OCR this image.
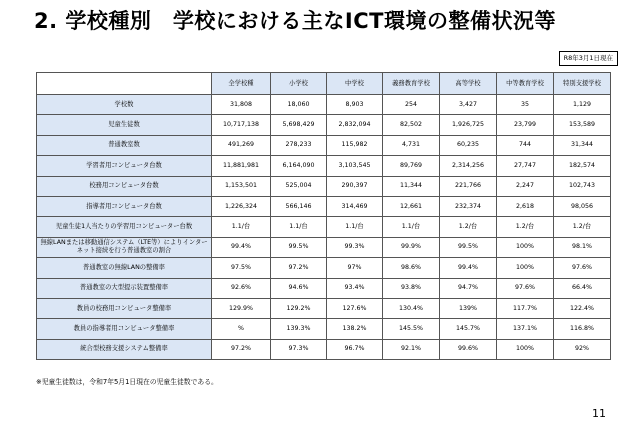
2. 学校種別　学校における主なICT環境の整備状況等
R8年3月1日現在
	全学校種	小学校	中学校	義務教育学校	高等学校	中等教育学校	特別支援学校
学校数	31,808	18,060	8,903	254	3,427	35	1,129
児童生徒数	10,717,138	5,698,429	2,832,094	82,502	1,926,725	23,799	153,589
普通教室数	491,269	278,233	115,982	4,731	60,235	744	31,344
学習者用コンピュータ台数	11,881,981	6,164,090	3,103,545	89,769	2,314,256	27,747	182,574
校務用コンピュータ台数	1,153,501	525,004	290,397	11,344	221,766	2,247	102,743
指導者用コンピュータ台数	1,226,324	566,146	314,469	12,661	232,374	2,618	98,056
児童生徒1人当たりの学習用コンピューター台数	1.1/台	1.1/台	1.1/台	1.1/台	1.2/台	1.2/台	1.2/台
無線LANまたは移動通信システム（LTE等）によりインターネット接続を行う普通教室の割合	99.4%	99.5%	99.3%	99.9%	99.5%	100%	98.1%
普通教室の無線LANの整備率	97.5%	97.2%	97%	98.6%	99.4%	100%	97.6%
普通教室の大型提示装置整備率	92.6%	94.6%	93.4%	93.8%	94.7%	97.6%	66.4%
教員の校務用コンピュータ整備率	129.9%	129.2%	127.6%	130.4%	139%	117.7%	122.4%
教員の指導者用コンピュータ整備率	%	139.3%	138.2%	145.5%	145.7%	137.1%	116.8%
統合型校務支援システム整備率	97.2%	97.3%	96.7%	92.1%	99.6%	100%	92%
※児童生徒数は，令和7年5月1日現在の児童生徒数である。
11
